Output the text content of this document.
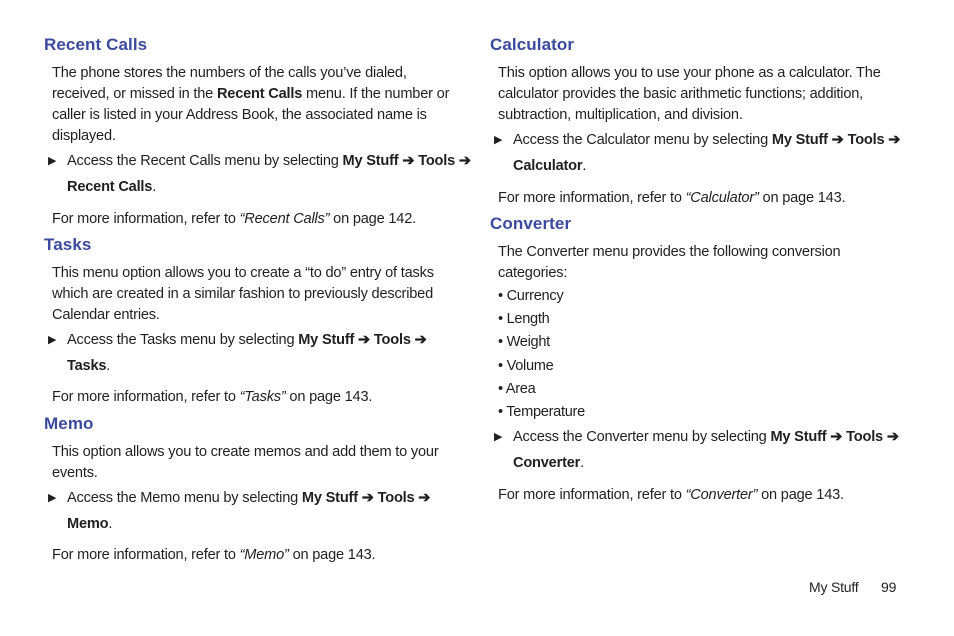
Recent Calls

The phone stores the numbers of the calls you’ve dialed,
received, or missed in the Recent Calls menu. If the number or
caller is listed in your Address Book, the associated name is
displayed.

▶ Access the Recent Calls menu by selecting My Stuff ➔ Tools ➔
Recent Calls.
For more information, refer to “Recent Calls” on page 142.
Tasks

This menu option allows you to create a “to do” entry of tasks
which are created in a similar fashion to previously described
Calendar entries.

▶ Access the Tasks menu by selecting My Stuff ➔ Tools ➔
Tasks.
For more information, refer to “Tasks” on page 143.
Memo

This option allows you to create memos and add them to your
events.

▶ Access the Memo menu by selecting My Stuff ➔ Tools ➔
Memo.
For more information, refer to “Memo” on page 143.
Calculator

This option allows you to use your phone as a calculator. The
calculator provides the basic arithmetic functions; addition,
subtraction, multiplication, and division.

▶ Access the Calculator menu by selecting My Stuff ➔ Tools ➔
Calculator.
For more information, refer to “Calculator” on page 143.
Converter

The Converter menu provides the following conversion
categories:

• Currency
• Length
• Weight
• Volume
• Area
• Temperature
▶ Access the Converter menu by selecting My Stuff ➔ Tools ➔
Converter.
For more information, refer to “Converter” on page 143.
My Stuff 99
